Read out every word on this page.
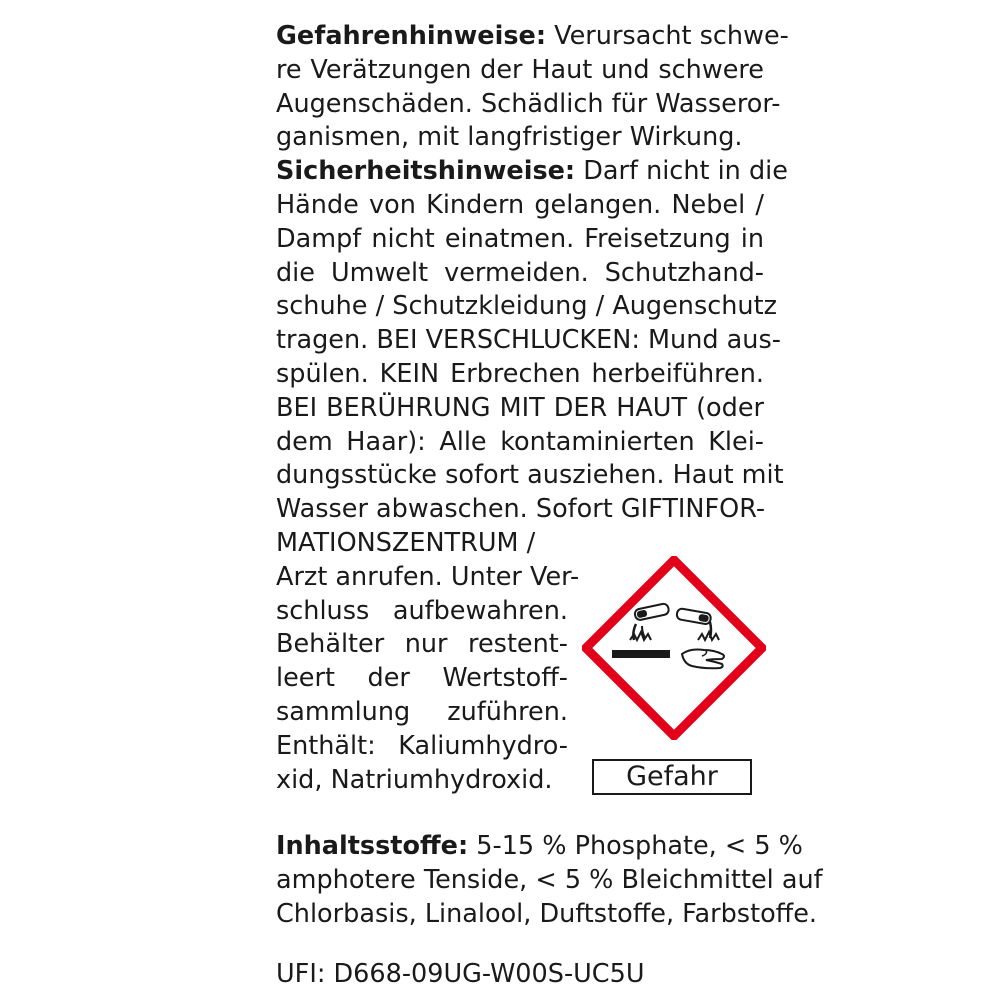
Gefahrenhinweise: Verursacht schwe-
re Verätzungen der Haut und schwere
Augenschäden. Schädlich für Wasseror-
ganismen, mit langfristiger Wirkung.
Sicherheitshinweise: Darf nicht in die
Hände von Kindern gelangen. Nebel /
Dampf nicht einatmen. Freisetzung in
die Umwelt vermeiden. Schutzhand-
schuhe / Schutzkleidung / Augenschutz
tragen. BEI VERSCHLUCKEN: Mund aus-
spülen. KEIN Erbrechen herbeiführen.
BEI BERÜHRUNG MIT DER HAUT (oder
dem Haar): Alle kontaminierten Klei-
dungsstücke sofort ausziehen. Haut mit
Wasser abwaschen. Sofort GIFTINFOR-
MATIONSZENTRUM /
Arzt anrufen. Unter Ver-
schluss aufbewahren.
Behälter nur restent-
leert der Wertstoff-
sammlung zuführen.
Enthält: Kaliumhydro-
xid, Natriumhydroxid.	Gefahr
Inhaltsstoffe: 5-15 % Phosphate, < 5 %
amphotere Tenside, < 5 % Bleichmittel auf
Chlorbasis, Linalool, Duftstoffe, Farbstoffe.
UFI: D668-09UG-W00S-UC5U
